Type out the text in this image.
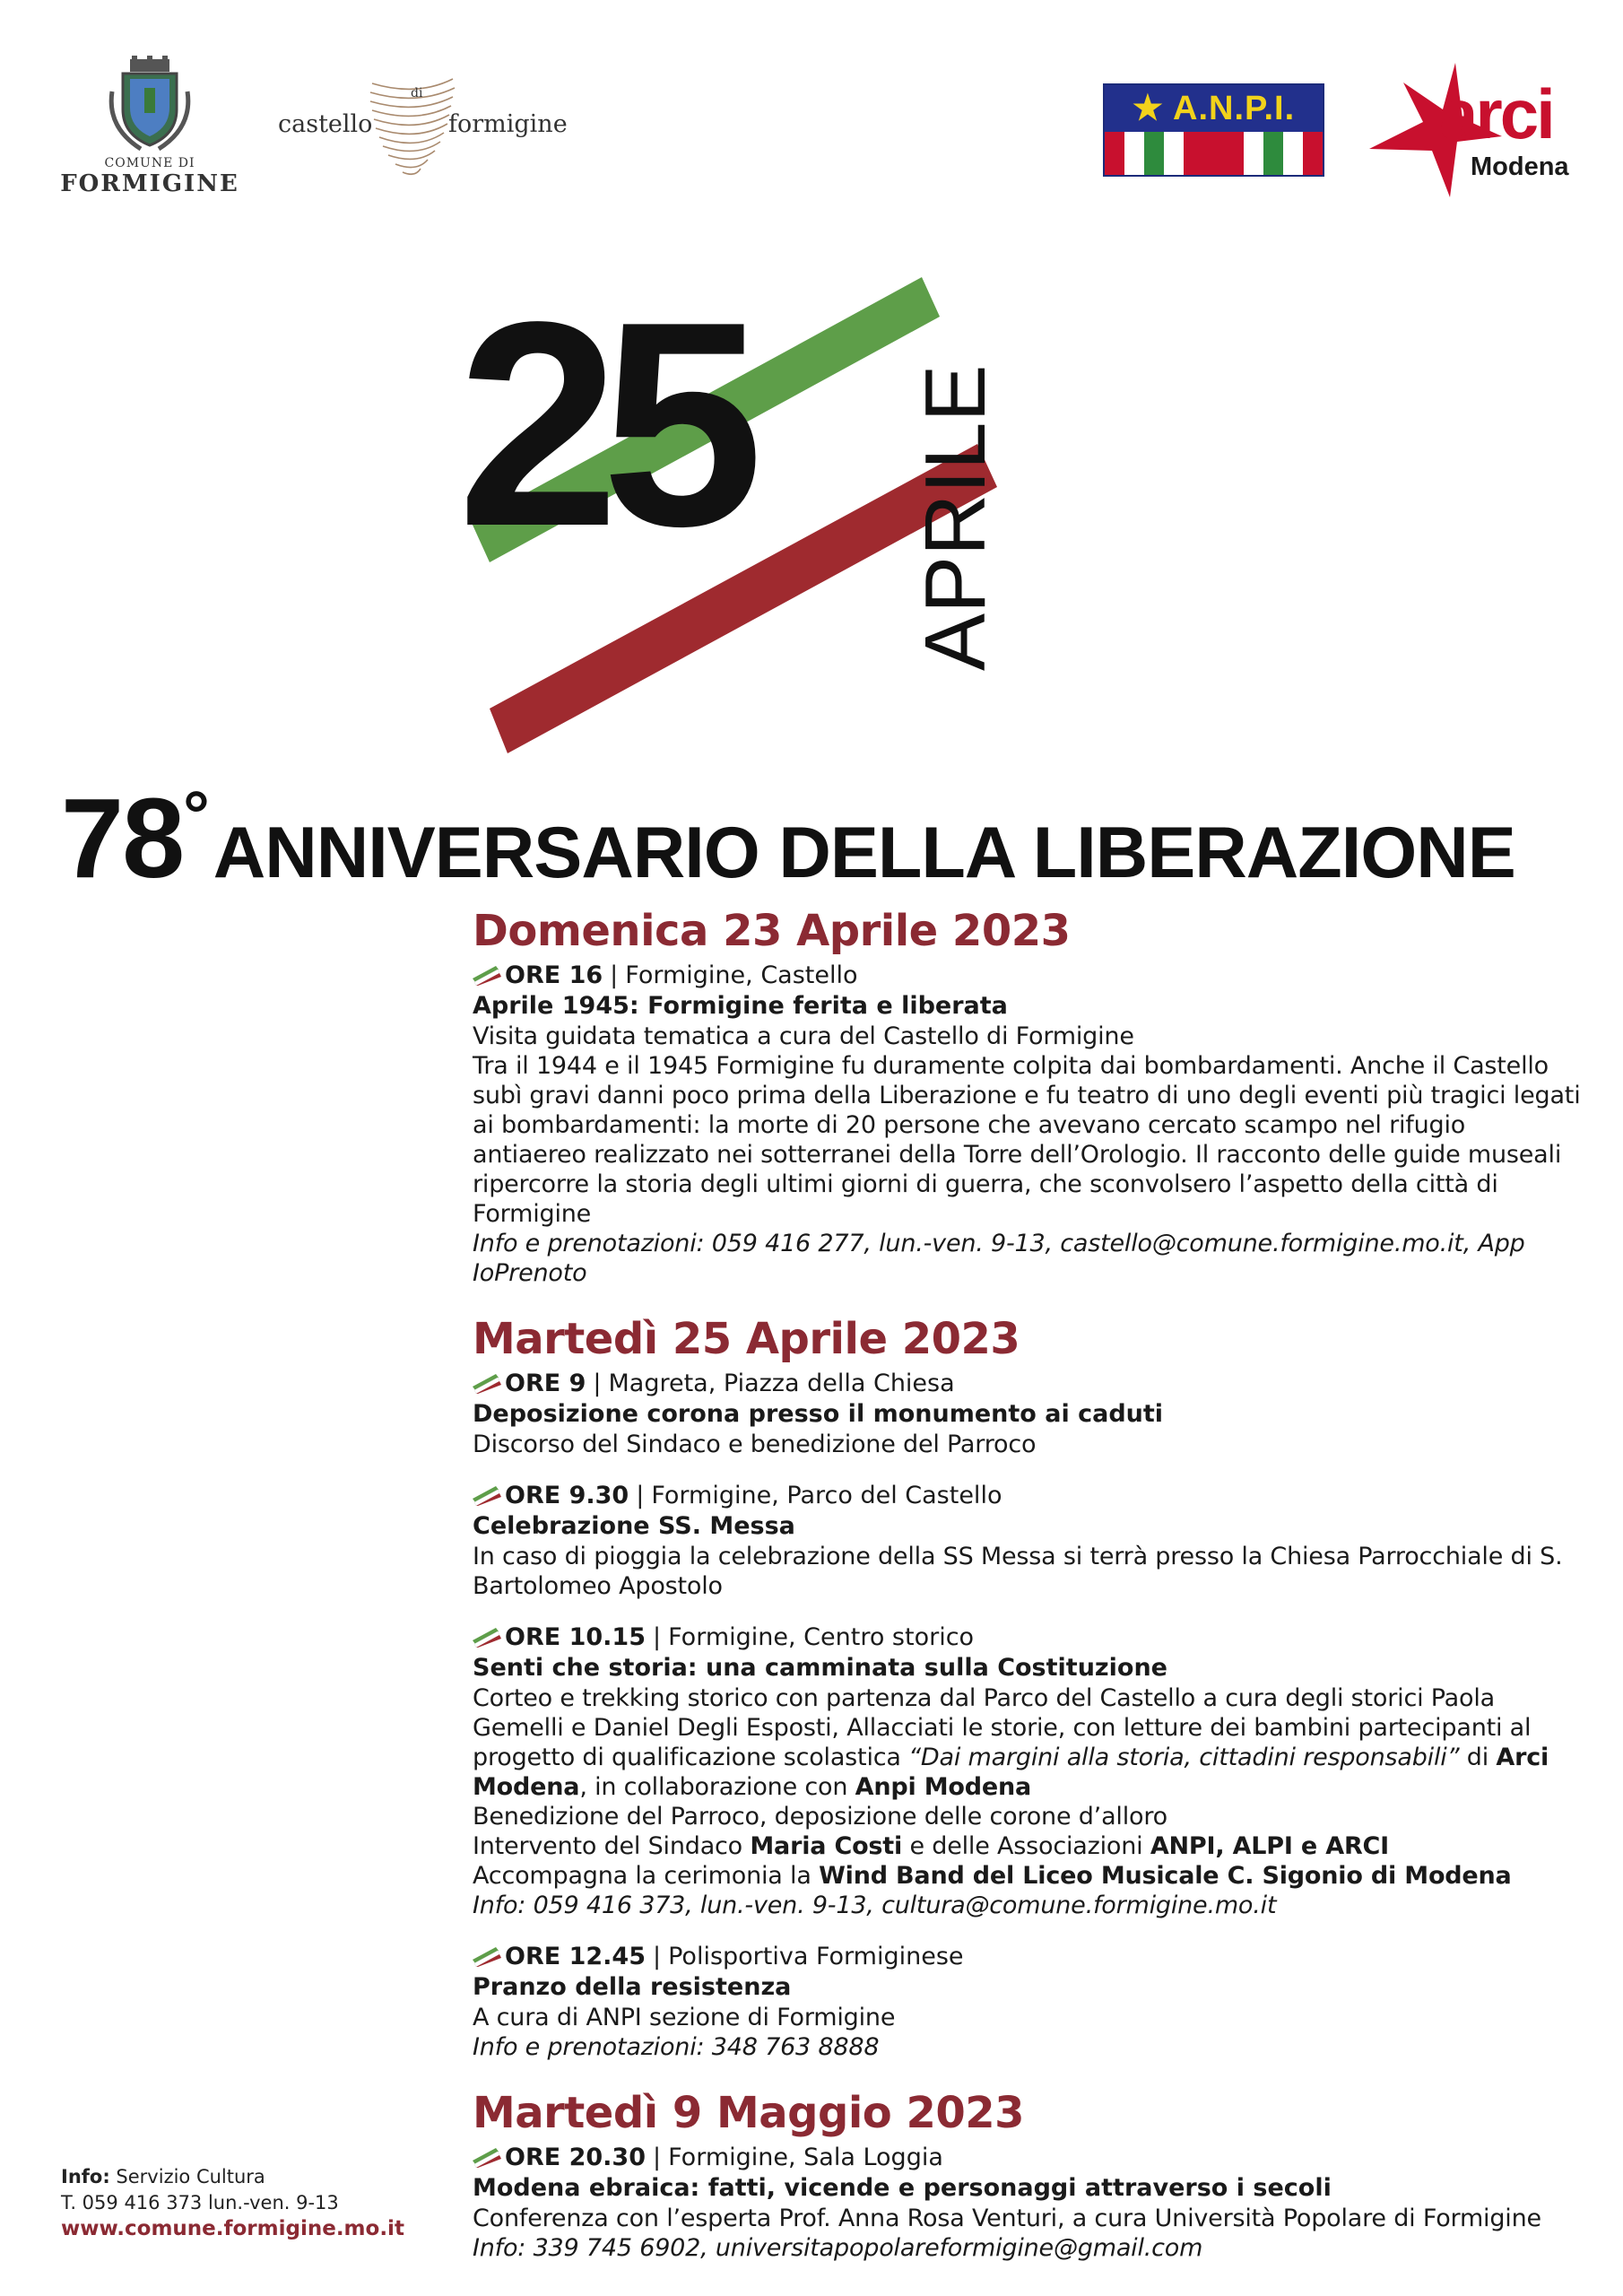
COMUNE DI
FORMIGINE
castello
di
formigine	★ A.N.P.I.	arci
Modena
25 APRILE
78°ANNIVERSARIO DELLA LIBERAZIONE
Domenica 23 Aprile 2023
ORE 16 | Formigine, Castello
Aprile 1945: Formigine ferita e liberata

Visita guidata tematica a cura del Castello di Formigine

Tra il 1944 e il 1945 Formigine fu duramente colpita dai bombardamenti. Anche il Castello subì gravi danni poco prima della Liberazione e fu teatro di uno degli eventi più tragici legati ai bombardamenti: la morte di 20 persone che avevano cercato scampo nel rifugio antiaereo realizzato nei sotterranei della Torre dell’Orologio. Il racconto delle guide museali ripercorre la storia degli ultimi giorni di guerra, che sconvolsero l’aspetto della città di Formigine

Info e prenotazioni: 059 416 277, lun.-ven. 9-13, castello@comune.formigine.mo.it, App IoPrenoto

Martedì 25 Aprile 2023
ORE 9 | Magreta, Piazza della Chiesa
Deposizione corona presso il monumento ai caduti

Discorso del Sindaco e benedizione del Parroco

ORE 9.30 | Formigine, Parco del Castello
Celebrazione SS. Messa

In caso di pioggia la celebrazione della SS Messa si terrà presso la Chiesa Parrocchiale di S. Bartolomeo Apostolo

ORE 10.15 | Formigine, Centro storico
Senti che storia: una camminata sulla Costituzione

Corteo e trekking storico con partenza dal Parco del Castello a cura degli storici Paola Gemelli e Daniel Degli Esposti, Allacciati le storie, con letture dei bambini partecipanti al progetto di qualificazione scolastica “Dai margini alla storia, cittadini responsabili” di Arci Modena, in collaborazione con Anpi Modena

Benedizione del Parroco, deposizione delle corone d’alloro

Intervento del Sindaco Maria Costi e delle Associazioni ANPI, ALPI e ARCI

Accompagna la cerimonia la Wind Band del Liceo Musicale C. Sigonio di Modena

Info: 059 416 373, lun.-ven. 9-13, cultura@comune.formigine.mo.it

ORE 12.45 | Polisportiva Formiginese
Pranzo della resistenza

A cura di ANPI sezione di Formigine

Info e prenotazioni: 348 763 8888

Martedì 9 Maggio 2023
ORE 20.30 | Formigine, Sala Loggia
Modena ebraica: fatti, vicende e personaggi attraverso i secoli

Conferenza con l’esperta Prof. Anna Rosa Venturi, a cura Università Popolare di Formigine

Info: 339 745 6902, universitapopolareformigine@gmail.com

Info: Servizio Cultura
T. 059 416 373 lun.-ven. 9-13
www.comune.formigine.mo.it
